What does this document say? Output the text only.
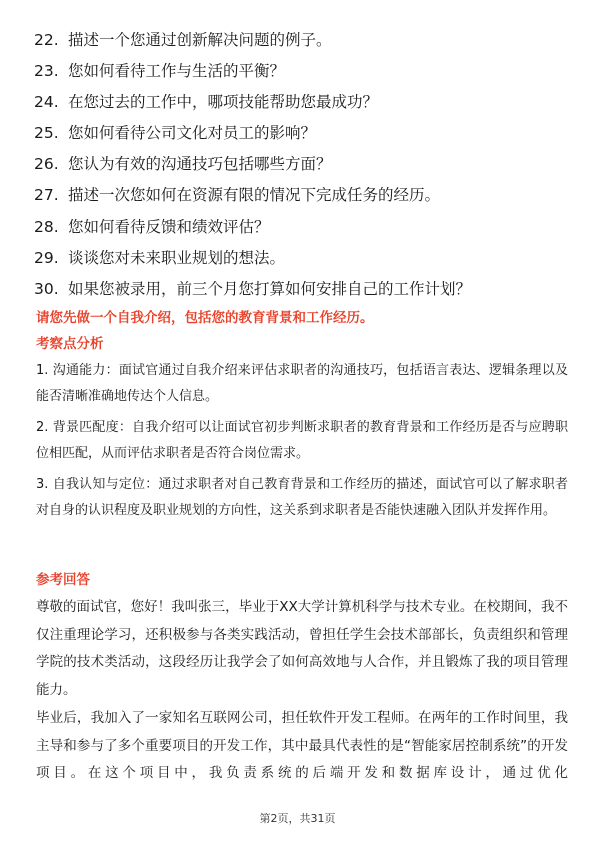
22. 描述一个您通过创新解决问题的例子。
23. 您如何看待工作与生活的平衡？
24. 在您过去的工作中，哪项技能帮助您最成功？
25. 您如何看待公司文化对员工的影响？
26. 您认为有效的沟通技巧包括哪些方面？
27. 描述一次您如何在资源有限的情况下完成任务的经历。
28. 您如何看待反馈和绩效评估？
29. 谈谈您对未来职业规划的想法。
30. 如果您被录用，前三个月您打算如何安排自己的工作计划？
请您先做一个自我介绍，包括您的教育背景和工作经历。
考察点分析

1. 沟通能力：面试官通过自我介绍来评估求职者的沟通技巧，包括语言表达、逻辑条理以及能否清晰准确地传达个人信息。

2. 背景匹配度：自我介绍可以让面试官初步判断求职者的教育背景和工作经历是否与应聘职位相匹配，从而评估求职者是否符合岗位需求。

3. 自我认知与定位：通过求职者对自己教育背景和工作经历的描述，面试官可以了解求职者对自身的认识程度及职业规划的方向性，这关系到求职者是否能快速融入团队并发挥作用。

参考回答

尊敬的面试官，您好！我叫张三，毕业于XX大学计算机科学与技术专业。在校期间，我不仅注重理论学习，还积极参与各类实践活动，曾担任学生会技术部部长，负责组织和管理学院的技术类活动，这段经历让我学会了如何高效地与人合作，并且锻炼了我的项目管理能力。

毕业后，我加入了一家知名互联网公司，担任软件开发工程师。在两年的工作时间里，我主导和参与了多个重要项目的开发工作，其中最具代表性的是“智能家居控制系统”的开发项目。在这个项目中，我负责系统的后端开发和数据库设计，通过优化

第2页，共31页
